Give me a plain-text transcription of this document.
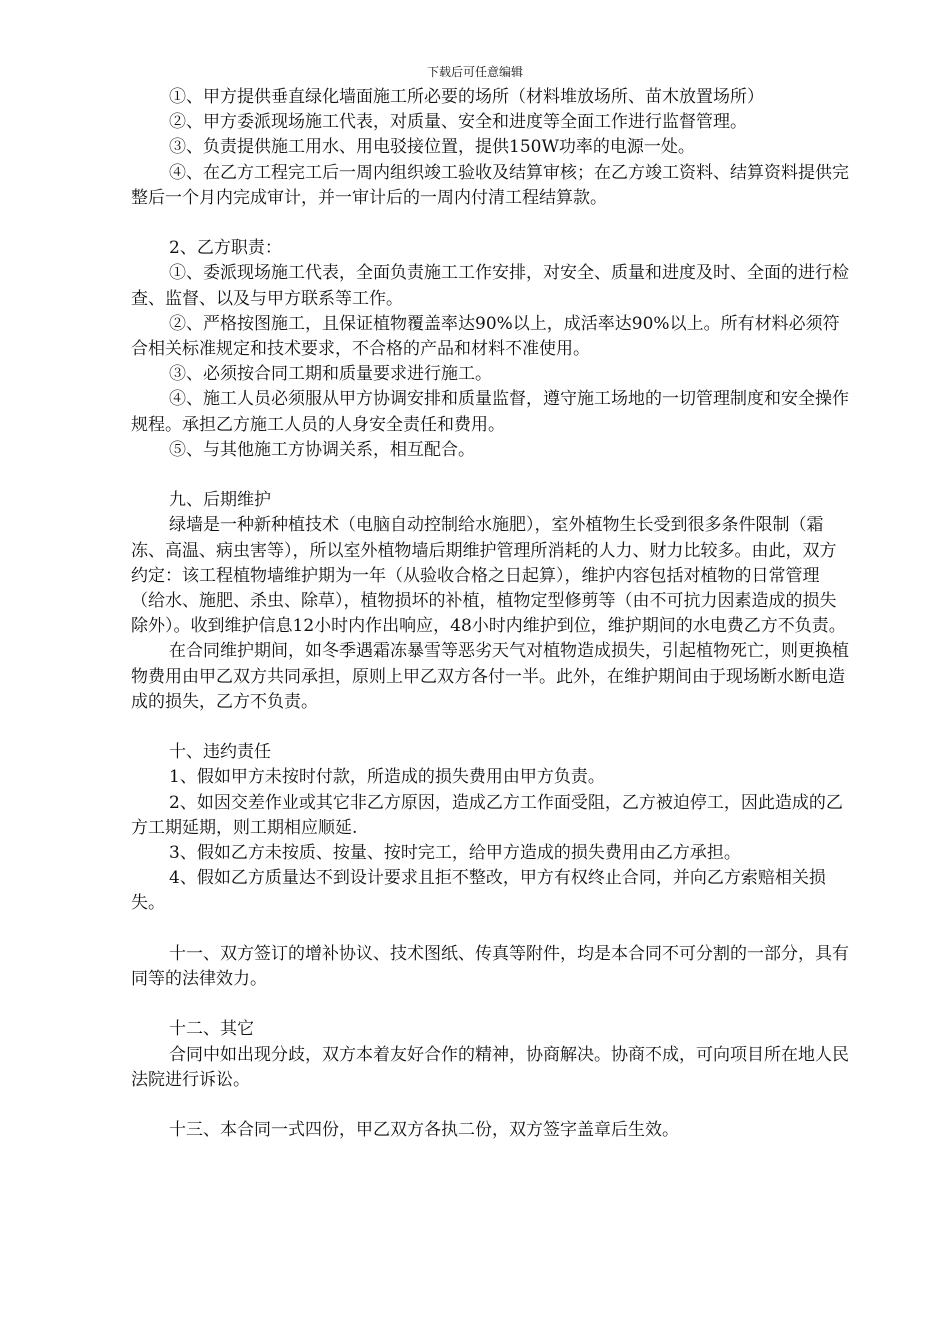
下载后可任意编辑
①、甲方提供垂直绿化墙面施工所必要的场所（材料堆放场所、苗木放置场所）
②、甲方委派现场施工代表，对质量、安全和进度等全面工作进行监督管理。
③、负责提供施工用水、用电驳接位置，提供150W功率的电源一处。
④、在乙方工程完工后一周内组织竣工验收及结算审核；在乙方竣工资料、结算资料提供完整后一个月内完成审计，并一审计后的一周内付清工程结算款。
2、乙方职责：
①、委派现场施工代表，全面负责施工工作安排，对安全、质量和进度及时、全面的进行检查、监督、以及与甲方联系等工作。
②、严格按图施工，且保证植物覆盖率达90%以上，成活率达90%以上。所有材料必须符合相关标准规定和技术要求，不合格的产品和材料不准使用。
③、必须按合同工期和质量要求进行施工。
④、施工人员必须服从甲方协调安排和质量监督，遵守施工场地的一切管理制度和安全操作规程。承担乙方施工人员的人身安全责任和费用。
⑤、与其他施工方协调关系，相互配合。
九、后期维护
绿墙是一种新种植技术（电脑自动控制给水施肥），室外植物生长受到很多条件限制（霜冻、高温、病虫害等），所以室外植物墙后期维护管理所消耗的人力、财力比较多。由此，双方约定：该工程植物墙维护期为一年（从验收合格之日起算），维护内容包括对植物的日常管理（给水、施肥、杀虫、除草），植物损坏的补植，植物定型修剪等（由不可抗力因素造成的损失除外）。收到维护信息12小时内作出响应，48小时内维护到位，维护期间的水电费乙方不负责。
在合同维护期间，如冬季遇霜冻暴雪等恶劣天气对植物造成损失，引起植物死亡，则更换植物费用由甲乙双方共同承担，原则上甲乙双方各付一半。此外，在维护期间由于现场断水断电造成的损失，乙方不负责。
十、违约责任
1、假如甲方未按时付款，所造成的损失费用由甲方负责。
2、如因交差作业或其它非乙方原因，造成乙方工作面受阻，乙方被迫停工，因此造成的乙方工期延期，则工期相应顺延.
3、假如乙方未按质、按量、按时完工，给甲方造成的损失费用由乙方承担。
4、假如乙方质量达不到设计要求且拒不整改，甲方有权终止合同，并向乙方索赔相关损失。
十一、双方签订的增补协议、技术图纸、传真等附件，均是本合同不可分割的一部分，具有同等的法律效力。
十二、其它
合同中如出现分歧，双方本着友好合作的精神，协商解决。协商不成，可向项目所在地人民法院进行诉讼。
十三、本合同一式四份，甲乙双方各执二份，双方签字盖章后生效。
